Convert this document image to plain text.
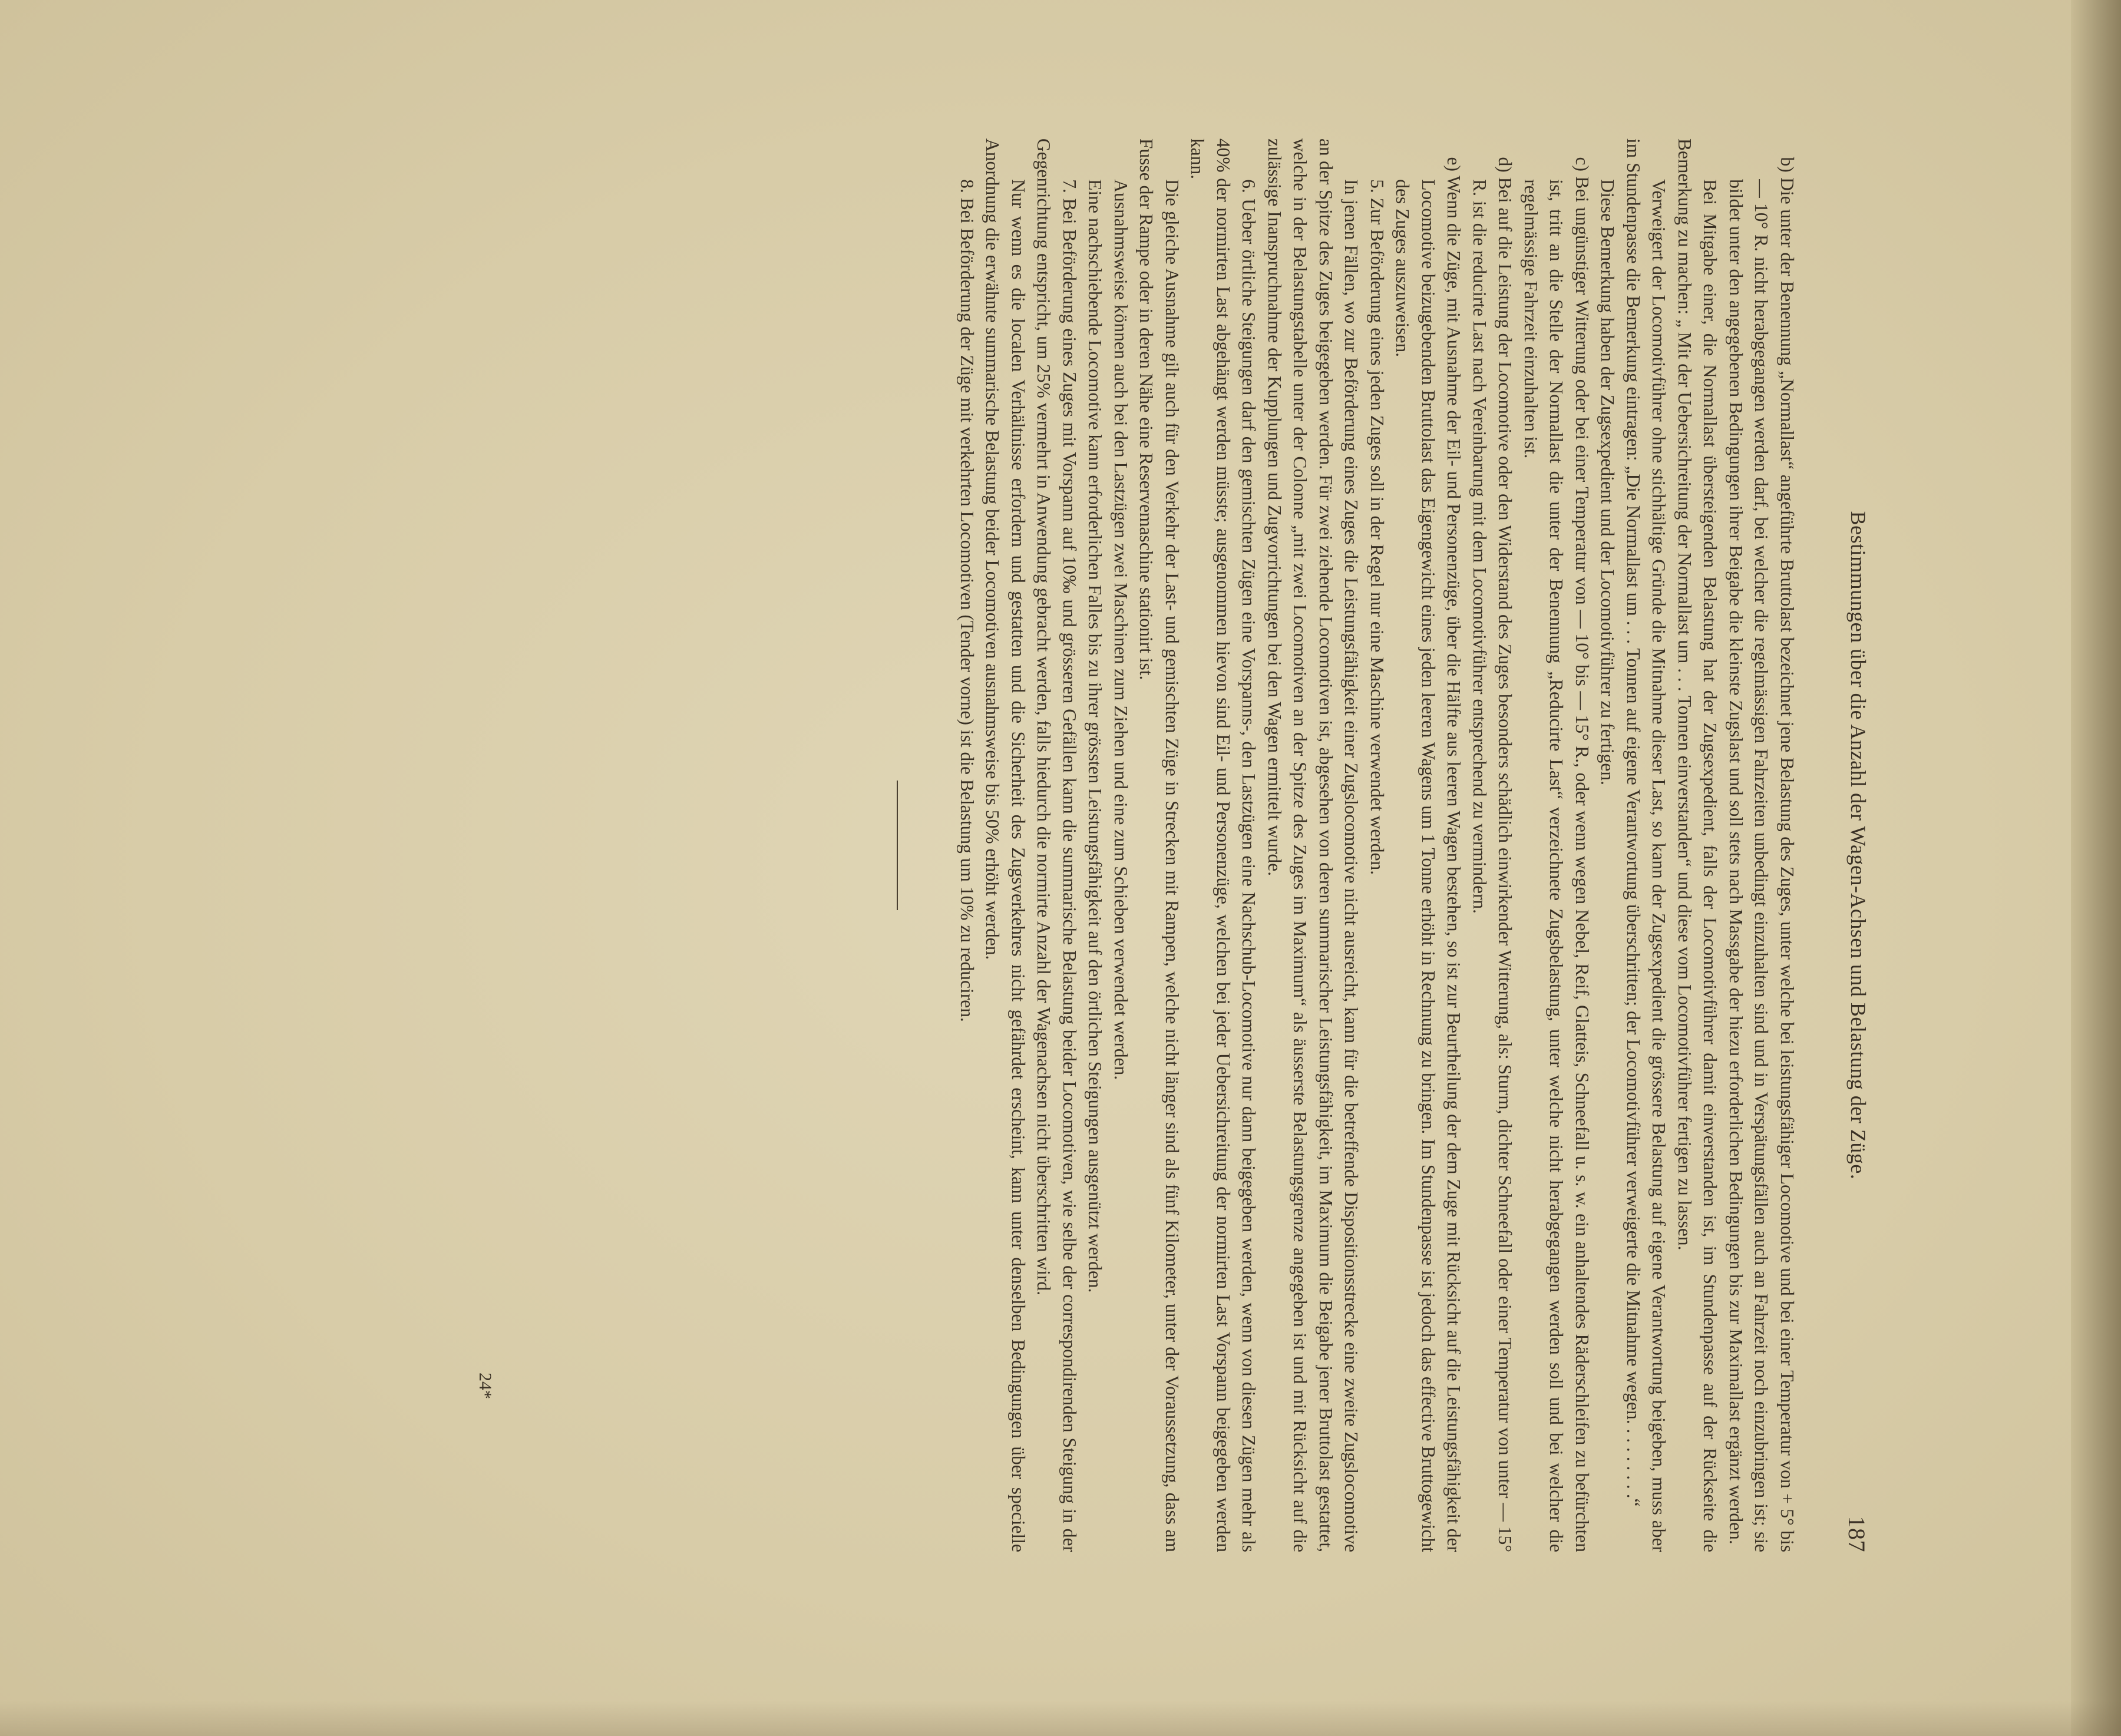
Bestimmungen über die Anzahl der Wagen-Achsen und Belastung der Züge.
187

b) Die unter der Benennung „Normallast“ angeführte Bruttolast bezeichnet jene Belastung des Zuges, unter welche bei leistungsfähiger Locomotive und bei einer Temperatur von + 5° bis — 10° R. nicht herabgegangen werden darf, bei welcher die regelmässigen Fahrzeiten unbedingt einzuhalten sind und in Verspätungsfällen auch an Fahrzeit noch einzubringen ist; sie bildet unter den angegebenen Bedingungen ihrer Beigabe die kleinste Zugslast und soll stets nach Massgabe der hiezu erforderlichen Bedingungen bis zur Maximallast ergänzt werden.

Bei Mitgabe einer, die Normallast übersteigenden Belastung hat der Zugsexpedient, falls der Locomotivführer damit einverstanden ist, im Stundenpasse auf der Rückseite die Bemerkung zu machen: „ Mit der Uebersichreitung der Normallast um . . . Tonnen einverstanden“ und diese vom Locomotivführer fertigen zu lassen.

Verweigert der Locomotivführer ohne stichhältige Gründe die Mitnahme dieser Last, so kann der Zugsexpedient die grössere Belastung auf eigene Verantwortung beigeben, muss aber im Stundenpasse die Bemerkung eintragen: „Die Normallast um . . . Tonnen auf eigene Verantwortung überschritten; der Locomotivführer verweigerte die Mitnahme wegen. . . . . . . . .“

Diese Bemerkung haben der Zugsexpedient und der Locomotivführer zu fertigen.

c) Bei ungünstiger Witterung oder bei einer Temperatur von — 10° bis — 15° R., oder wenn wegen Nebel, Reif, Glatteis, Schneefall u. s. w. ein anhaltendes Räderschleifen zu befürchten ist, tritt an die Stelle der Normallast die unter der Benennung „Reducirte Last“ verzeichnete Zugsbelastung, unter welche nicht herabgegangen werden soll und bei welcher die regelmässige Fahrzeit einzuhalten ist.

d) Bei auf die Leistung der Locomotive oder den Widerstand des Zuges besonders schädlich einwirkender Witterung, als: Sturm, dichter Schneefall oder einer Temperatur von unter — 15° R. ist die reducirte Last nach Vereinbarung mit dem Locomotivführer entsprechend zu vermindern.

e) Wenn die Züge, mit Ausnahme der Eil- und Personenzüge, über die Hälfte aus leeren Wagen bestehen, so ist zur Beurtheilung der dem Zuge mit Rücksicht auf die Leistungsfähigkeit der Locomotive beizugebenden Bruttolast das Eigengewicht eines jeden leeren Wagens um 1 Tonne erhöht in Rechnung zu bringen. Im Stundenpasse ist jedoch das effective Bruttogewicht des Zuges auszuweisen.

5. Zur Beförderung eines jeden Zuges soll in der Regel nur eine Maschine verwendet werden.

In jenen Fällen, wo zur Beförderung eines Zuges die Leistungsfähigkeit einer Zugslocomotive nicht ausreicht, kann für die betreffende Dispositionsstrecke eine zweite Zugslocomotive an der Spitze des Zuges beigegeben werden. Für zwei ziehende Locomotiven ist, abgesehen von deren summarischer Leistungsfähigkeit, im Maximum die Beigabe jener Bruttolast gestattet, welche in der Belastungstabelle unter der Colonne „mit zwei Locomotiven an der Spitze des Zuges im Maximum“ als äusserste Belastungsgrenze angegeben ist und mit Rücksicht auf die zulässige Inanspruchnahme der Kupplungen und Zugvorrichtungen bei den Wagen ermittelt wurde.

6. Ueber örtliche Steigungen darf den gemischten Zügen eine Vorspanns-, den Lastzügen eine Nachschub-Locomotive nur dann beigegeben werden, wenn von diesen Zügen mehr als 40% der normirten Last abgehängt werden müsste; ausgenommen hievon sind Eil- und Personenzüge, welchen bei jeder Uebersichreitung der normirten Last Vorspann beigegeben werden kann.

Die gleiche Ausnahme gilt auch für den Verkehr der Last- und gemischten Züge in Strecken mit Rampen, welche nicht länger sind als fünf Kilometer, unter der Voraussetzung, dass am Fusse der Rampe oder in deren Nähe eine Reservemaschine stationirt ist.

Ausnahmsweise können auch bei den Lastzügen zwei Maschinen zum Ziehen und eine zum Schieben verwendet werden.

Eine nachschiebende Locomotive kann erforderlichen Falles bis zu ihrer grössten Leistungsfähigkeit auf den örtlichen Steigungen ausgenützt werden.

7. Bei Beförderung eines Zuges mit Vorspann auf 10‰ und grösseren Gefällen kann die summarische Belastung beider Locomotiven, wie selbe der correspondirenden Steigung in der Gegenrichtung entspricht, um 25% vermehrt in Anwendung gebracht werden, falls hiedurch die normirte Anzahl der Wagenachsen nicht überschritten wird.

Nur wenn es die localen Verhältnisse erfordern und gestatten und die Sicherheit des Zugsverkehres nicht gefährdet erscheint, kann unter denselben Bedingungen über specielle Anordnung die erwähnte summarische Belastung beider Locomotiven ausnahmsweise bis 50% erhöht werden.

8. Bei Beförderung der Züge mit verkehrten Locomotiven (Tender vorne) ist die Belastung um 10% zu reduciren.

24*
